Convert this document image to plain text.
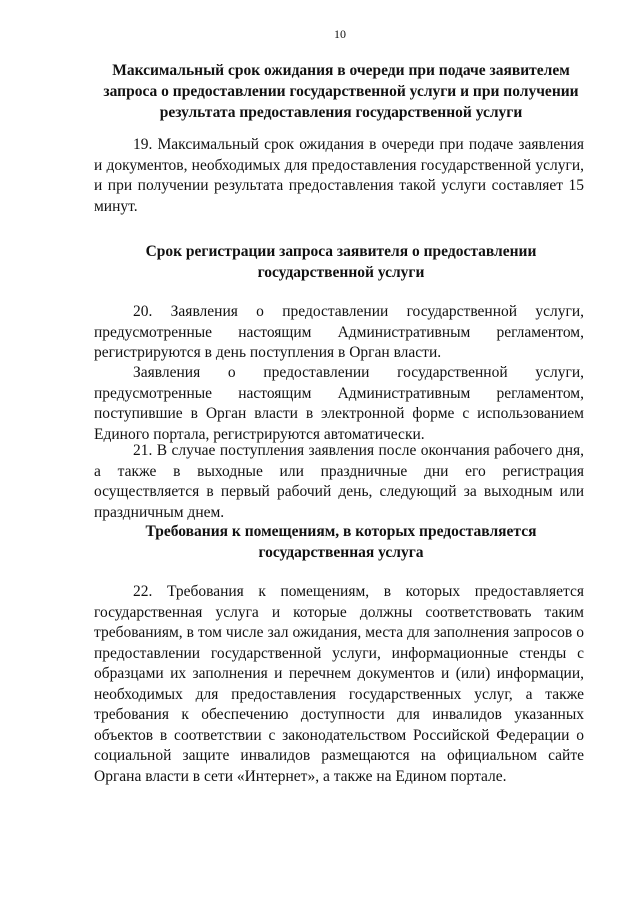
10
Максимальный срок ожидания в очереди при подаче заявителем запроса о предоставлении государственной услуги и при получении результата предоставления государственной услуги

19. Максимальный срок ожидания в очереди при подаче заявления и документов, необходимых для предоставления государственной услуги, и при получении результата предоставления такой услуги составляет 15 минут.

Срок регистрации запроса заявителя о предоставлении государственной услуги

20. Заявления о предоставлении государственной услуги, предусмотренные настоящим Административным регламентом, регистрируются в день поступления в Орган власти.

Заявления о предоставлении государственной услуги, предусмотренные настоящим Административным регламентом, поступившие в Орган власти в электронной форме с использованием Единого портала, регистрируются автоматически.

21. В случае поступления заявления после окончания рабочего дня, а также в выходные или праздничные дни его регистрация осуществляется в первый рабочий день, следующий за выходным или праздничным днем.

Требования к помещениям, в которых предоставляется государственная услуга

22. Требования к помещениям, в которых предоставляется государственная услуга и которые должны соответствовать таким требованиям, в том числе зал ожидания, места для заполнения запросов о предоставлении государственной услуги, информационные стенды с образцами их заполнения и перечнем документов и (или) информации, необходимых для предоставления государственных услуг, а также требования к обеспечению доступности для инвалидов указанных объектов в соответствии с законодательством Российской Федерации о социальной защите инвалидов размещаются на официальном сайте Органа власти в сети «Интернет», а также на Едином портале.
